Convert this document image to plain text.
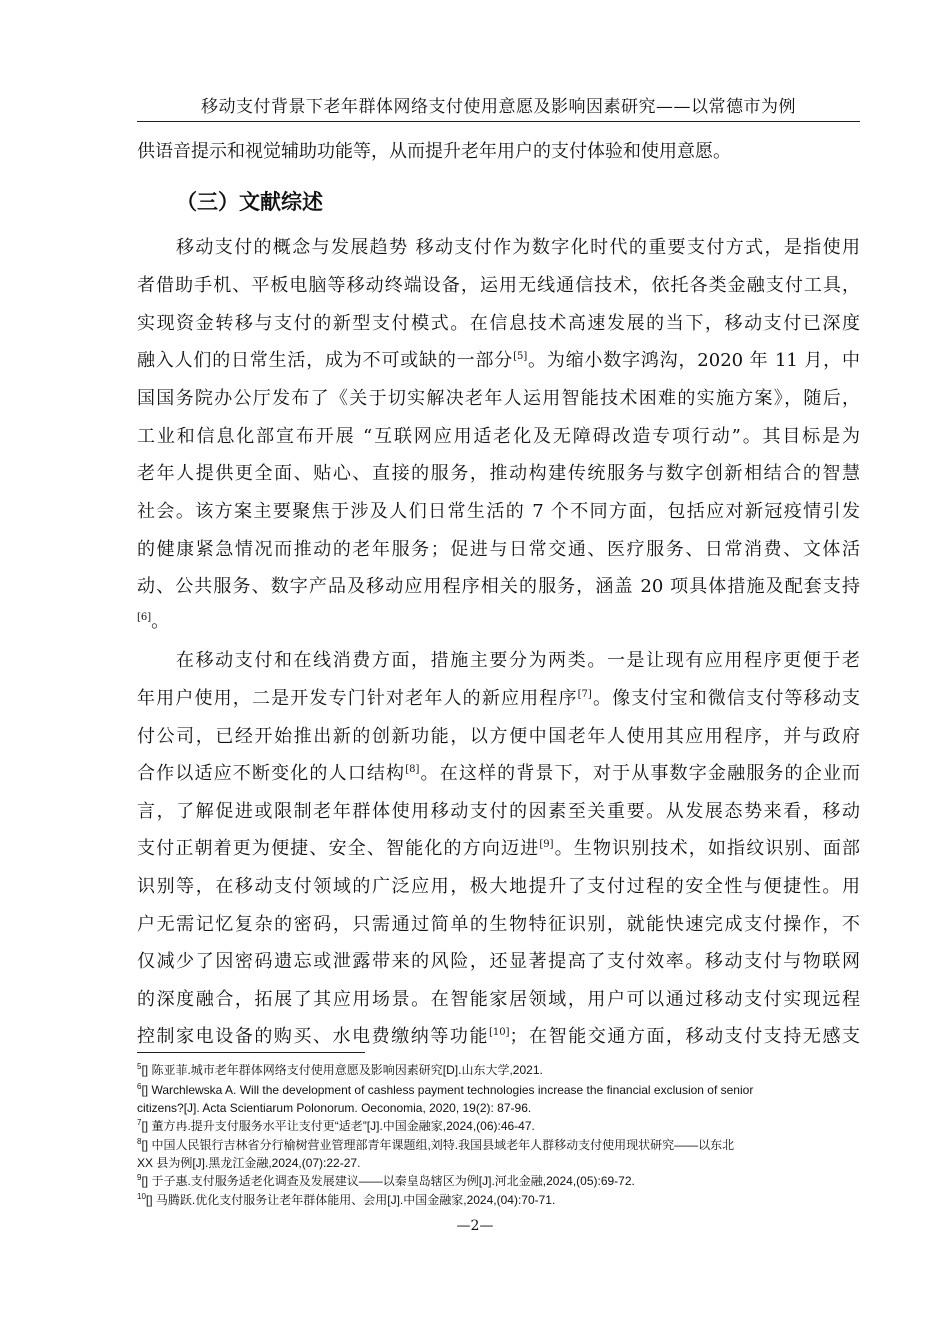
移动支付背景下老年群体网络支付使用意愿及影响因素研究——以常德市为例
供语音提示和视觉辅助功能等，从而提升老年用户的支付体验和使用意愿。
（三）文献综述
移动支付的概念与发展趋势 移动支付作为数字化时代的重要支付方式，是指使用
者借助手机、平板电脑等移动终端设备，运用无线通信技术，依托各类金融支付工具，
实现资金转移与支付的新型支付模式。在信息技术高速发展的当下，移动支付已深度
融入人们的日常生活，成为不可或缺的一部分[5]。为缩小数字鸿沟，2020 年 11 月，中
国国务院办公厅发布了《关于切实解决老年人运用智能技术困难的实施方案》，随后，
工业和信息化部宣布开展 “互联网应用适老化及无障碍改造专项行动”。其目标是为
老年人提供更全面、贴心、直接的服务，推动构建传统服务与数字创新相结合的智慧
社会。该方案主要聚焦于涉及人们日常生活的 7 个不同方面，包括应对新冠疫情引发
的健康紧急情况而推动的老年服务；促进与日常交通、医疗服务、日常消费、文体活
动、公共服务、数字产品及移动应用程序相关的服务，涵盖 20 项具体措施及配套支持
[6]。
在移动支付和在线消费方面，措施主要分为两类。一是让现有应用程序更便于老
年用户使用，二是开发专门针对老年人的新应用程序[7]。像支付宝和微信支付等移动支
付公司，已经开始推出新的创新功能，以方便中国老年人使用其应用程序，并与政府
合作以适应不断变化的人口结构[8]。在这样的背景下，对于从事数字金融服务的企业而
言，了解促进或限制老年群体使用移动支付的因素至关重要。从发展态势来看，移动
支付正朝着更为便捷、安全、智能化的方向迈进[9]。生物识别技术，如指纹识别、面部
识别等，在移动支付领域的广泛应用，极大地提升了支付过程的安全性与便捷性。用
户无需记忆复杂的密码，只需通过简单的生物特征识别，就能快速完成支付操作，不
仅减少了因密码遗忘或泄露带来的风险，还显著提高了支付效率。移动支付与物联网
的深度融合，拓展了其应用场景。在智能家居领域，用户可以通过移动支付实现远程
控制家电设备的购买、水电费缴纳等功能[10]；在智能交通方面，移动支付支持无感支
$^5$[] 陈亚菲.城市老年群体网络支付使用意愿及影响因素研究[D].山东大学,2021.
$^6$[] Warchlewska A. Will the development of cashless payment technologies increase the financial exclusion of senior
citizens?[J]. Acta Scientiarum Polonorum. Oeconomia, 2020, 19(2): 87-96.
$^7$[] 董方冉.提升支付服务水平让支付更“适老”[J].中国金融家,2024,(06):46-47.
$^8$[] 中国人民银行吉林省分行榆树营业管理部青年课题组,刘特.我国县域老年人群移动支付使用现状研究——以东北
XX 县为例[J].黑龙江金融,2024,(07):22-27.
$^9$[] 于子惠.支付服务适老化调查及发展建议——以秦皇岛辖区为例[J].河北金融,2024,(05):69-72.
$^{10}$[] 马腾跃.优化支付服务让老年群体能用、会用[J].中国金融家,2024,(04):70-71.
—2—
